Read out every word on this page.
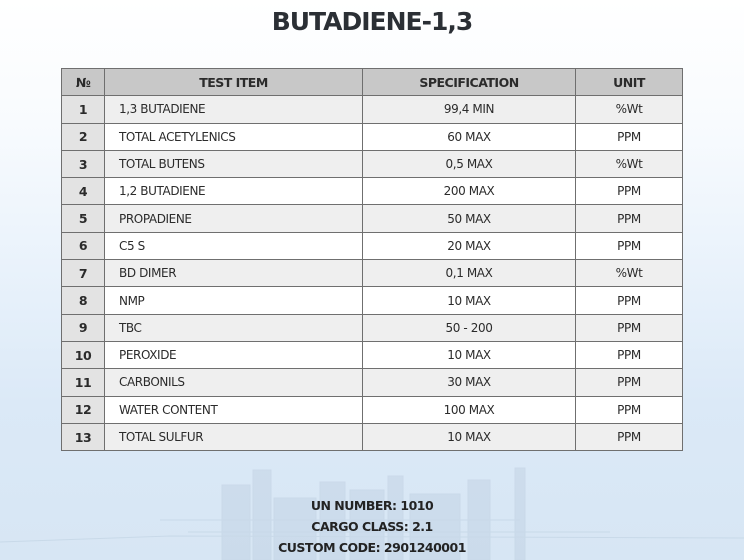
BUTADIENE-1,3
№	TEST ITEM	SPECIFICATION	UNIT
1	1,3 BUTADIENE	99,4 MIN	%Wt
2	TOTAL ACETYLENICS	60 MAX	PPM
3	TOTAL BUTENS	0,5 MAX	%Wt
4	1,2 BUTADIENE	200 MAX	PPM
5	PROPADIENE	50 MAX	PPM
6	C5 S	20 MAX	PPM
7	BD DIMER	0,1 MAX	%Wt
8	NMP	10 MAX	PPM
9	TBC	50 - 200	PPM
10	PEROXIDE	10 MAX	PPM
11	CARBONILS	30 MAX	PPM
12	WATER CONTENT	100 MAX	PPM
13	TOTAL SULFUR	10 MAX	PPM
UN NUMBER: 1010
CARGO CLASS: 2.1
CUSTOM CODE: 2901240001
